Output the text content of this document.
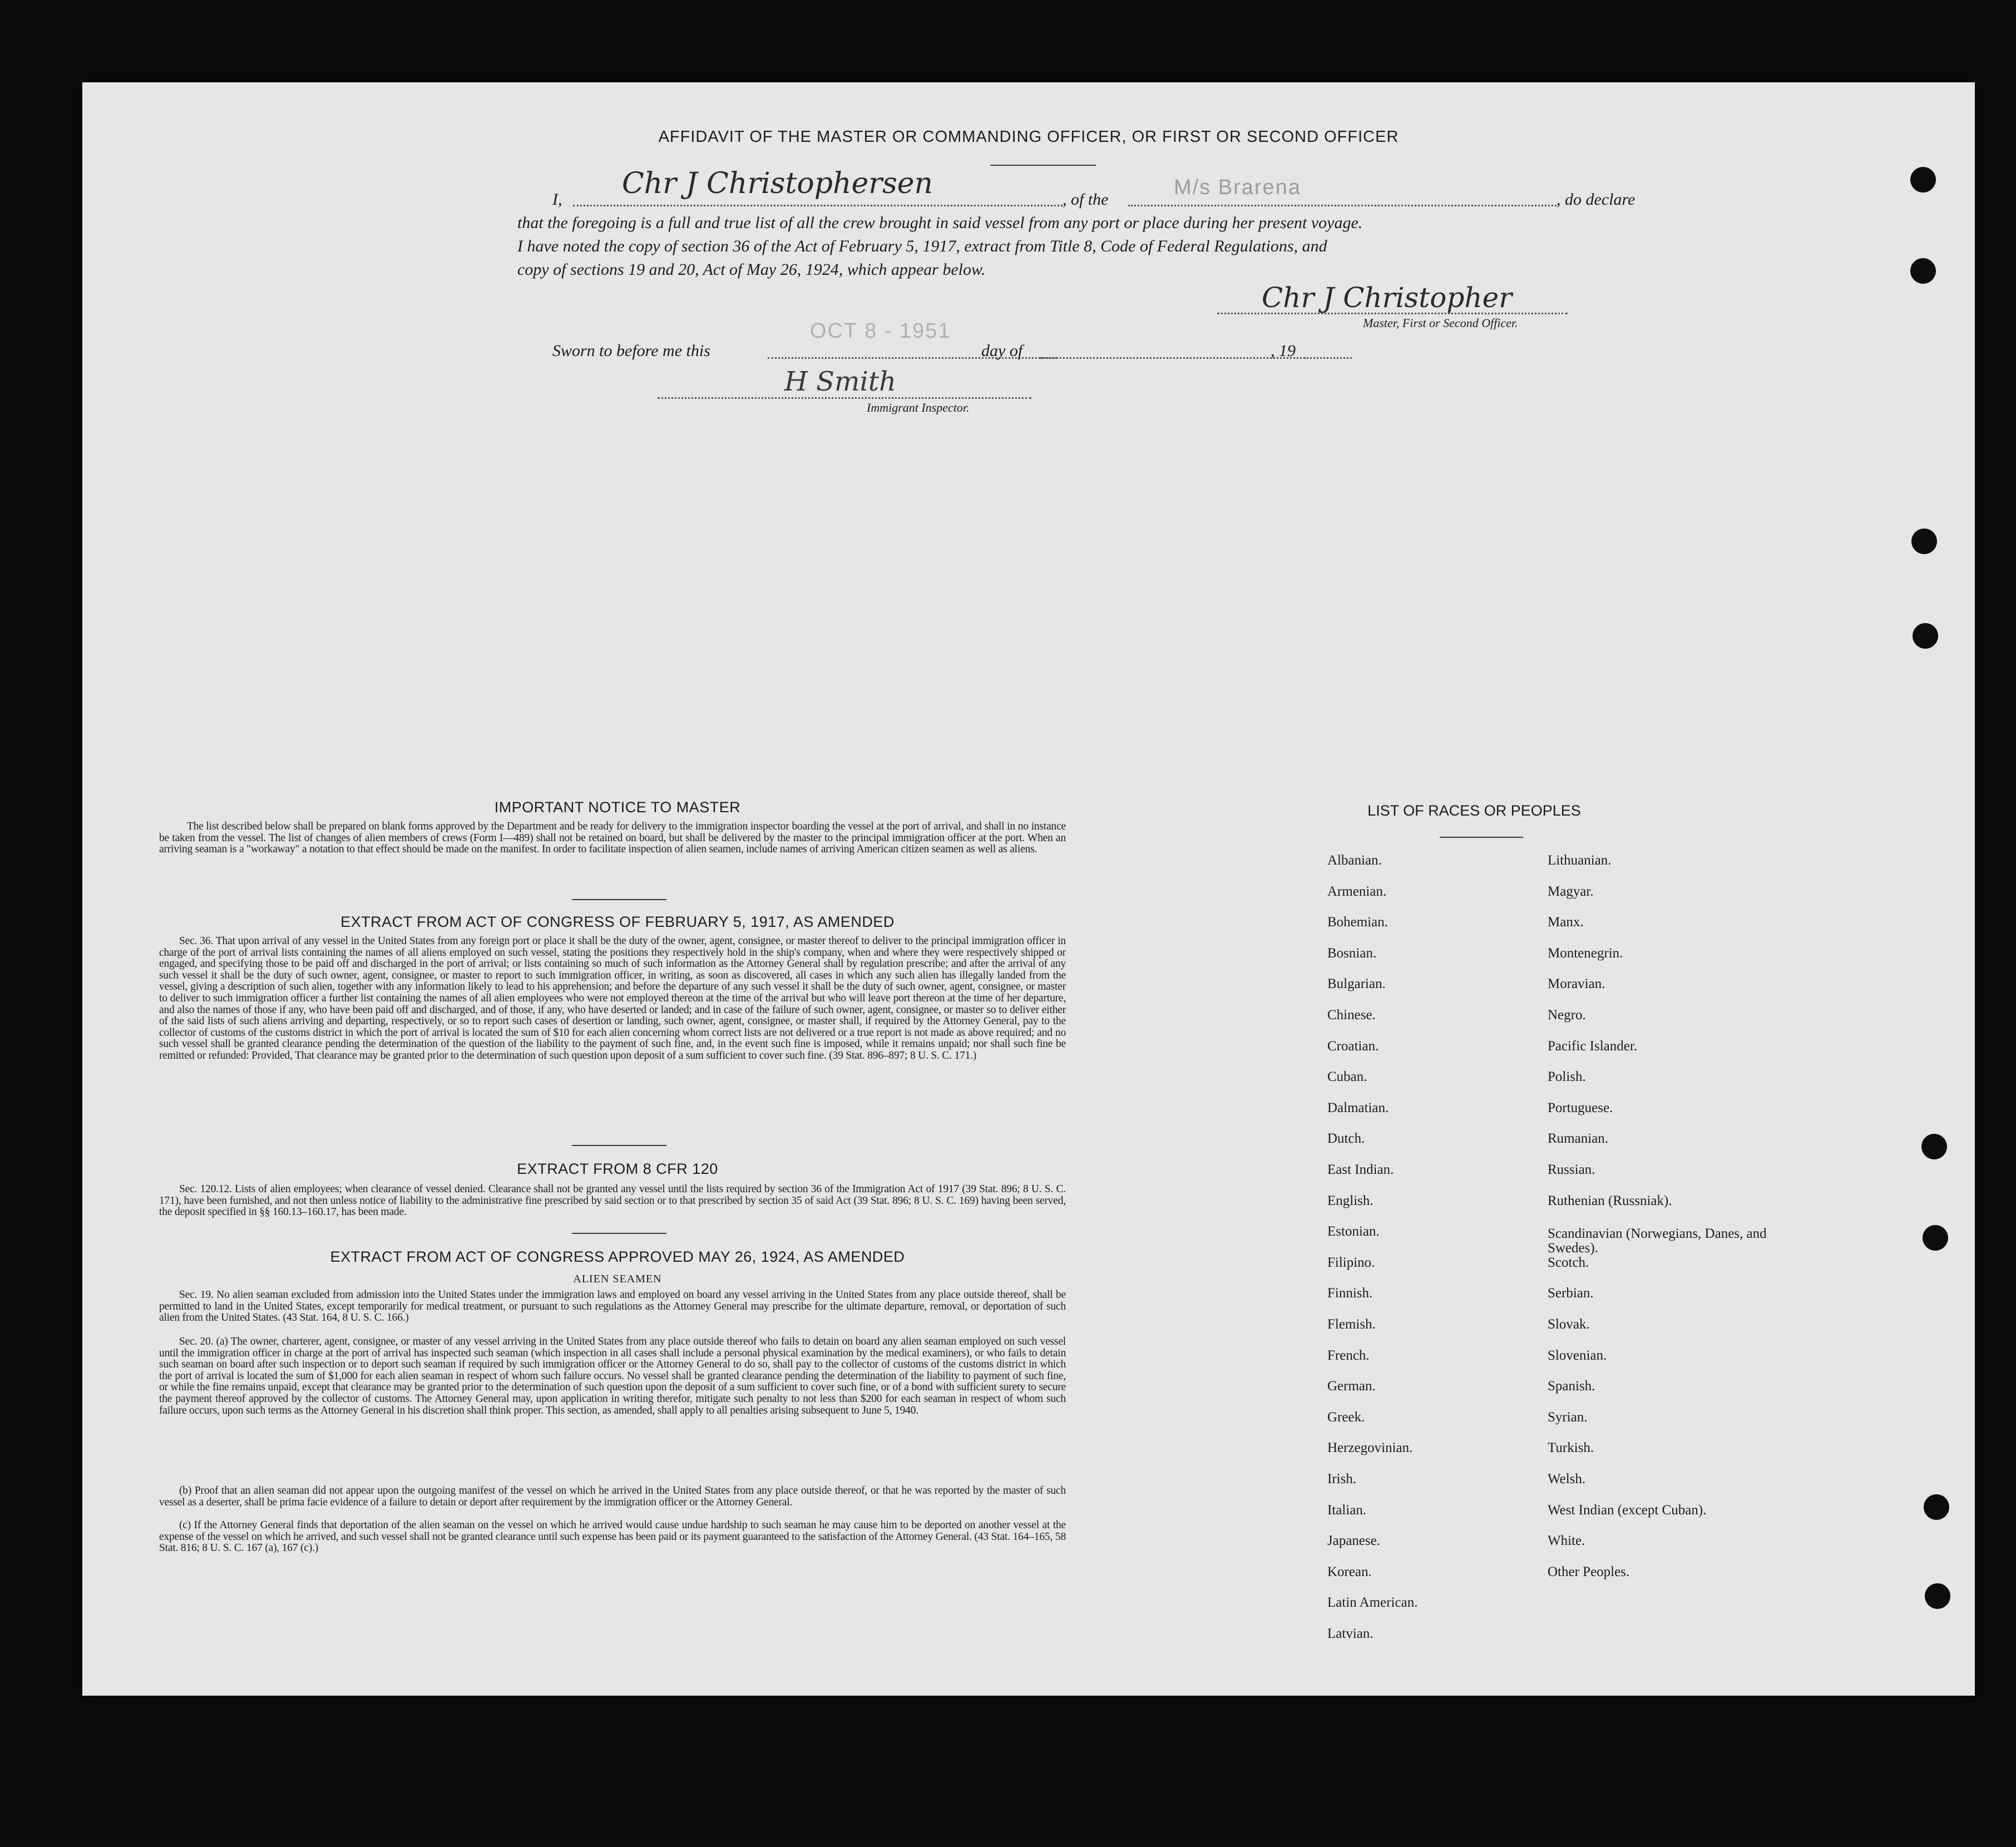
AFFIDAVIT OF THE MASTER OR COMMANDING OFFICER, OR FIRST OR SECOND OFFICER
I, Chr J Christophersen	, of the
M/s Brarena
, do declare
that the foregoing is a full and true list of all the crew brought in said vessel from any port or place during her present voyage.
I have noted the copy of section 36 of the Act of February 5, 1917, extract from Title 8, Code of Federal Regulations, and
copy of sections 19 and 20, Act of May 26, 1924, which appear below.
Chr J Christopher
Master, First or Second Officer.
Sworn to before me this
OCT 8 - 1951
day of	, 19
H Smith
Immigrant Inspector.
IMPORTANT NOTICE TO MASTER
The list described below shall be prepared on blank forms approved by the Department and be ready for delivery to the immigration inspector boarding the vessel at the port of arrival, and shall in no instance be taken from the vessel. The list of changes of alien members of crews (Form I—489) shall not be retained on board, but shall be delivered by the master to the principal immigration officer at the port. When an arriving seaman is a "workaway" a notation to that effect should be made on the manifest. In order to facilitate inspection of alien seamen, include names of arriving American citizen seamen as well as aliens.
EXTRACT FROM ACT OF CONGRESS OF FEBRUARY 5, 1917, AS AMENDED
Sec. 36. That upon arrival of any vessel in the United States from any foreign port or place it shall be the duty of the owner, agent, consignee, or master thereof to deliver to the principal immigration officer in charge of the port of arrival lists containing the names of all aliens employed on such vessel, stating the positions they respectively hold in the ship's company, when and where they were respectively shipped or engaged, and specifying those to be paid off and discharged in the port of arrival; or lists containing so much of such information as the Attorney General shall by regulation prescribe; and after the arrival of any such vessel it shall be the duty of such owner, agent, consignee, or master to report to such immigration officer, in writing, as soon as discovered, all cases in which any such alien has illegally landed from the vessel, giving a description of such alien, together with any information likely to lead to his apprehension; and before the departure of any such vessel it shall be the duty of such owner, agent, consignee, or master to deliver to such immigration officer a further list containing the names of all alien employees who were not employed thereon at the time of the arrival but who will leave port thereon at the time of her departure, and also the names of those if any, who have been paid off and discharged, and of those, if any, who have deserted or landed; and in case of the failure of such owner, agent, consignee, or master so to deliver either of the said lists of such aliens arriving and departing, respectively, or so to report such cases of desertion or landing, such owner, agent, consignee, or master shall, if required by the Attorney General, pay to the collector of customs of the customs district in which the port of arrival is located the sum of $10 for each alien concerning whom correct lists are not delivered or a true report is not made as above required; and no such vessel shall be granted clearance pending the determination of the question of the liability to the payment of such fine, and, in the event such fine is imposed, while it remains unpaid; nor shall such fine be remitted or refunded: Provided, That clearance may be granted prior to the determination of such question upon deposit of a sum sufficient to cover such fine. (39 Stat. 896–897; 8 U. S. C. 171.)
EXTRACT FROM 8 CFR 120
Sec. 120.12. Lists of alien employees; when clearance of vessel denied. Clearance shall not be granted any vessel until the lists required by section 36 of the Immigration Act of 1917 (39 Stat. 896; 8 U. S. C. 171), have been furnished, and not then unless notice of liability to the administrative fine prescribed by said section or to that prescribed by section 35 of said Act (39 Stat. 896; 8 U. S. C. 169) having been served, the deposit specified in §§ 160.13–160.17, has been made.
EXTRACT FROM ACT OF CONGRESS APPROVED MAY 26, 1924, AS AMENDED
ALIEN SEAMEN
Sec. 19. No alien seaman excluded from admission into the United States under the immigration laws and employed on board any vessel arriving in the United States from any place outside thereof, shall be permitted to land in the United States, except temporarily for medical treatment, or pursuant to such regulations as the Attorney General may prescribe for the ultimate departure, removal, or deportation of such alien from the United States. (43 Stat. 164, 8 U. S. C. 166.)
Sec. 20. (a) The owner, charterer, agent, consignee, or master of any vessel arriving in the United States from any place outside thereof who fails to detain on board any alien seaman employed on such vessel until the immigration officer in charge at the port of arrival has inspected such seaman (which inspection in all cases shall include a personal physical examination by the medical examiners), or who fails to detain such seaman on board after such inspection or to deport such seaman if required by such immigration officer or the Attorney General to do so, shall pay to the collector of customs of the customs district in which the port of arrival is located the sum of $1,000 for each alien seaman in respect of whom such failure occurs. No vessel shall be granted clearance pending the determination of the liability to payment of such fine, or while the fine remains unpaid, except that clearance may be granted prior to the determination of such question upon the deposit of a sum sufficient to cover such fine, or of a bond with sufficient surety to secure the payment thereof approved by the collector of customs. The Attorney General may, upon application in writing therefor, mitigate such penalty to not less than $200 for each seaman in respect of whom such failure occurs, upon such terms as the Attorney General in his discretion shall think proper. This section, as amended, shall apply to all penalties arising subsequent to June 5, 1940.
(b) Proof that an alien seaman did not appear upon the outgoing manifest of the vessel on which he arrived in the United States from any place outside thereof, or that he was reported by the master of such vessel as a deserter, shall be prima facie evidence of a failure to detain or deport after requirement by the immigration officer or the Attorney General.
(c) If the Attorney General finds that deportation of the alien seaman on the vessel on which he arrived would cause undue hardship to such seaman he may cause him to be deported on another vessel at the expense of the vessel on which he arrived, and such vessel shall not be granted clearance until such expense has been paid or its payment guaranteed to the satisfaction of the Attorney General. (43 Stat. 164–165, 58 Stat. 816; 8 U. S. C. 167 (a), 167 (c).)
LIST OF RACES OR PEOPLES
Albanian.
Armenian.
Bohemian.
Bosnian.
Bulgarian.
Chinese.
Croatian.
Cuban.
Dalmatian.
Dutch.
East Indian.
English.
Estonian.
Filipino.
Finnish.
Flemish.
French.
German.
Greek.
Herzegovinian.
Irish.
Italian.
Japanese.
Korean.
Latin American.
Latvian.
Lithuanian.
Magyar.
Manx.
Montenegrin.
Moravian.
Negro.
Pacific Islander.
Polish.
Portuguese.
Rumanian.
Russian.
Ruthenian (Russniak).
Scandinavian (Norwegians, Danes, and Swedes).
Scotch.
Serbian.
Slovak.
Slovenian.
Spanish.
Syrian.
Turkish.
Welsh.
West Indian (except Cuban).
White.
Other Peoples.
